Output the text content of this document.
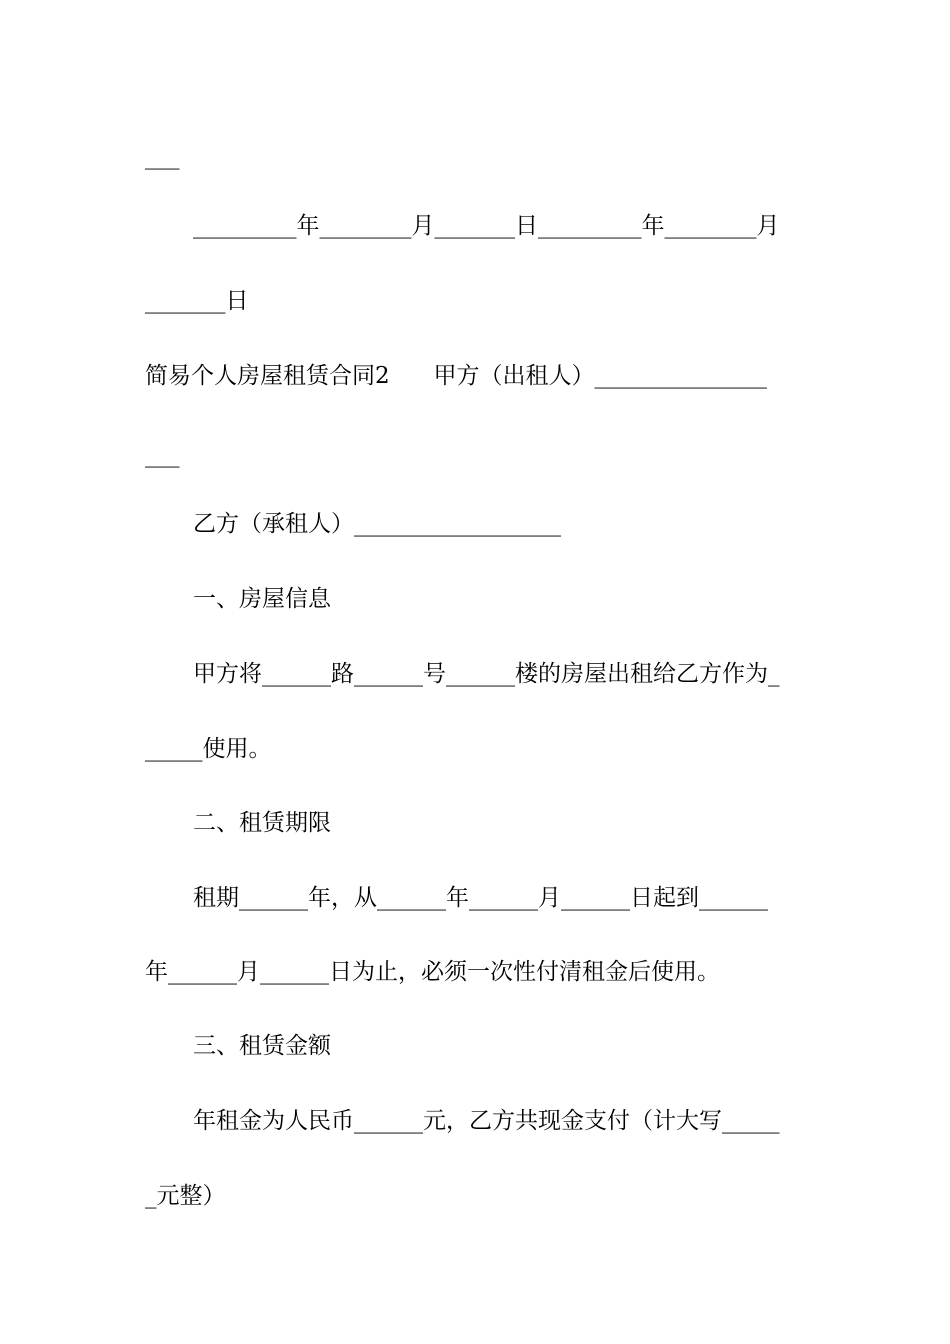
___
_________年________月_______日_________年________月
_______日
简易个人房屋租赁合同2      甲方（出租人）_______________
___
乙方（承租人）__________________
一、房屋信息
甲方将______路______号______楼的房屋出租给乙方作为_
_____使用。
二、租赁期限
租期______年，从______年______月______日起到______
年______月______日为止，必须一次性付清租金后使用。
三、租赁金额
年租金为人民币______元，乙方共现金支付（计大写_____
_元整）
